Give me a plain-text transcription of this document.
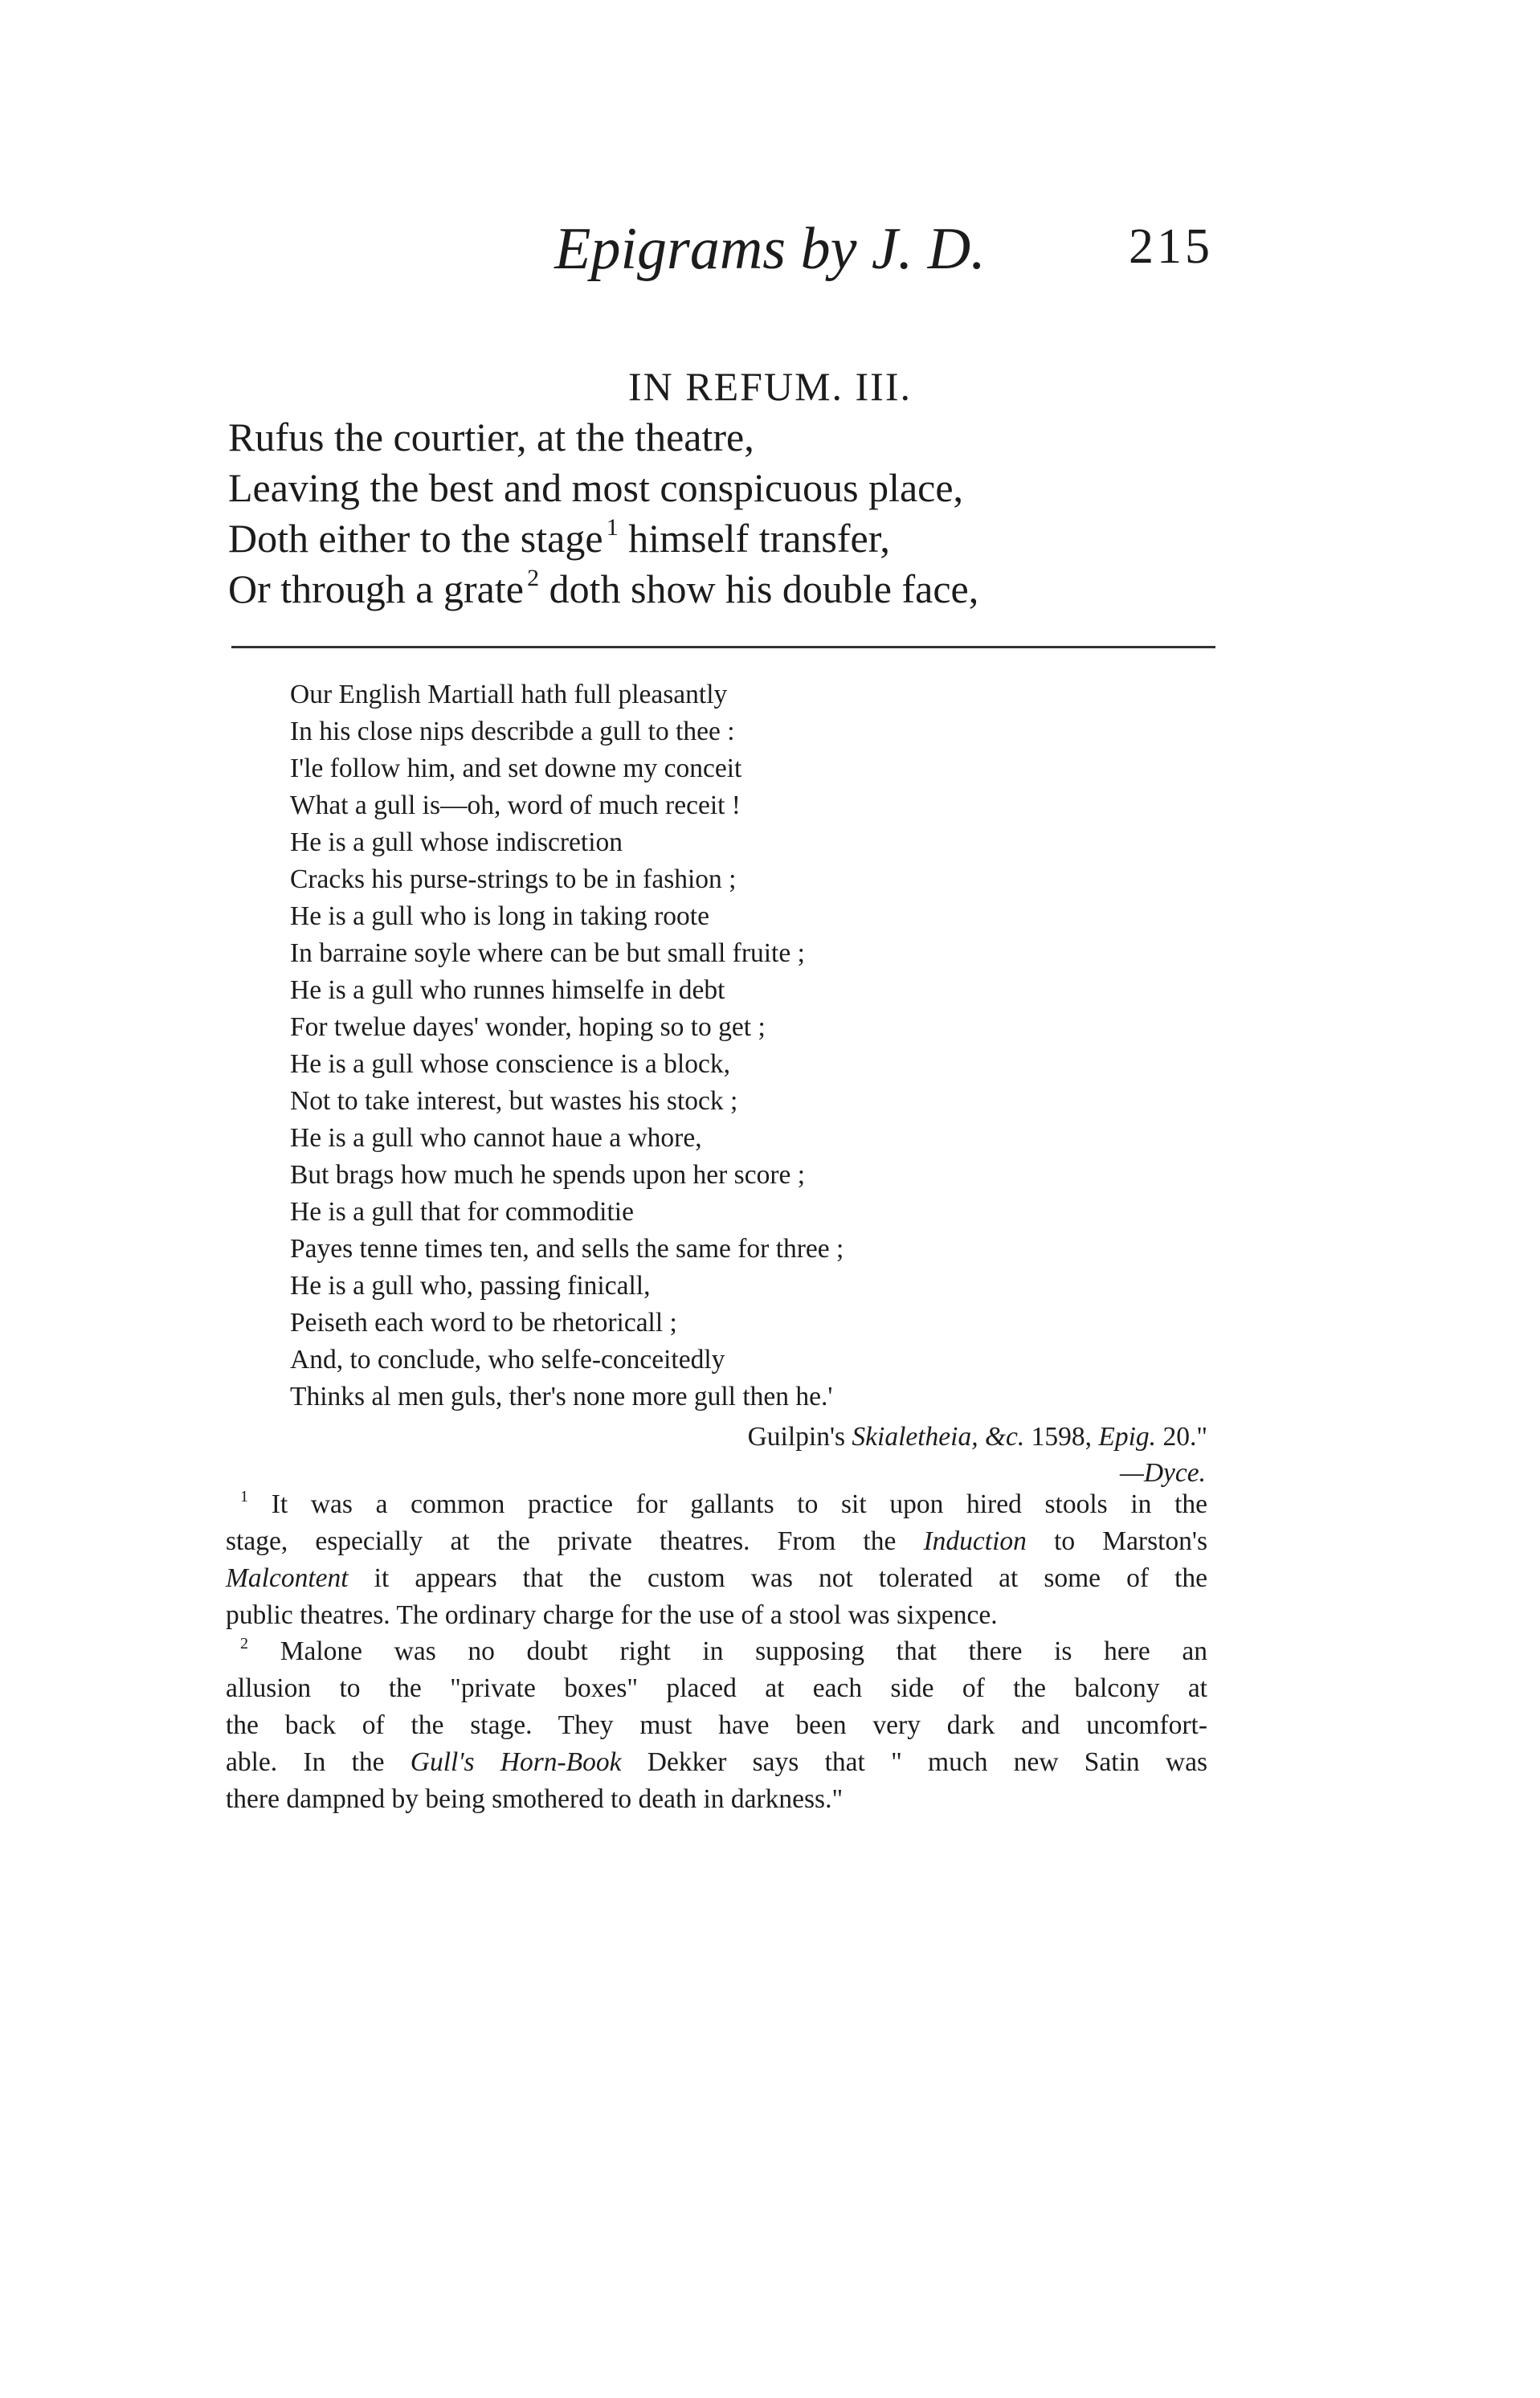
Epigrams by J. D.	215
IN REFUM. III.
Rufus the courtier, at the theatre,
Leaving the best and most conspicuous place,
Doth either to the stage  $^1$ himself transfer,
Or through a grate  $^2$ doth show his double face,
Our English Martiall hath full pleasantly
In his close nips describde a gull to thee :
I'le follow him, and set downe my conceit
What a gull is—oh, word of much receit !
He is a gull whose indiscretion
Cracks his purse-strings to be in fashion ;
He is a gull who is long in taking roote
In barraine soyle where can be but small fruite ;
He is a gull who runnes himselfe in debt
For twelue dayes' wonder, hoping so to get ;
He is a gull whose conscience is a block,
Not to take interest, but wastes his stock ;
He is a gull who cannot haue a whore,
But brags how much he spends upon her score ;
He is a gull that for commoditie
Payes tenne times ten, and sells the same for three ;
He is a gull who, passing finicall,
Peiseth each word to be rhetoricall ;
And, to conclude, who selfe-conceitedly
Thinks al men guls, ther's none more gull then he.'
Guilpin's Skialetheia, &c. 1598, Epig. 20."
—Dyce.
$^1$ It was a common practice for gallants to sit upon hired stools in the
stage, especially at the private theatres. From the Induction to Marston's
Malcontent it appears that the custom was not tolerated at some of the
public theatres. The ordinary charge for the use of a stool was sixpence.
$^2$ Malone was no doubt right in supposing that there is here an
allusion to the "private boxes" placed at each side of the balcony at
the back of the stage. They must have been very dark and uncomfort-
able. In the Gull's Horn-Book Dekker says that " much new Satin was
there dampned by being smothered to death in darkness."
